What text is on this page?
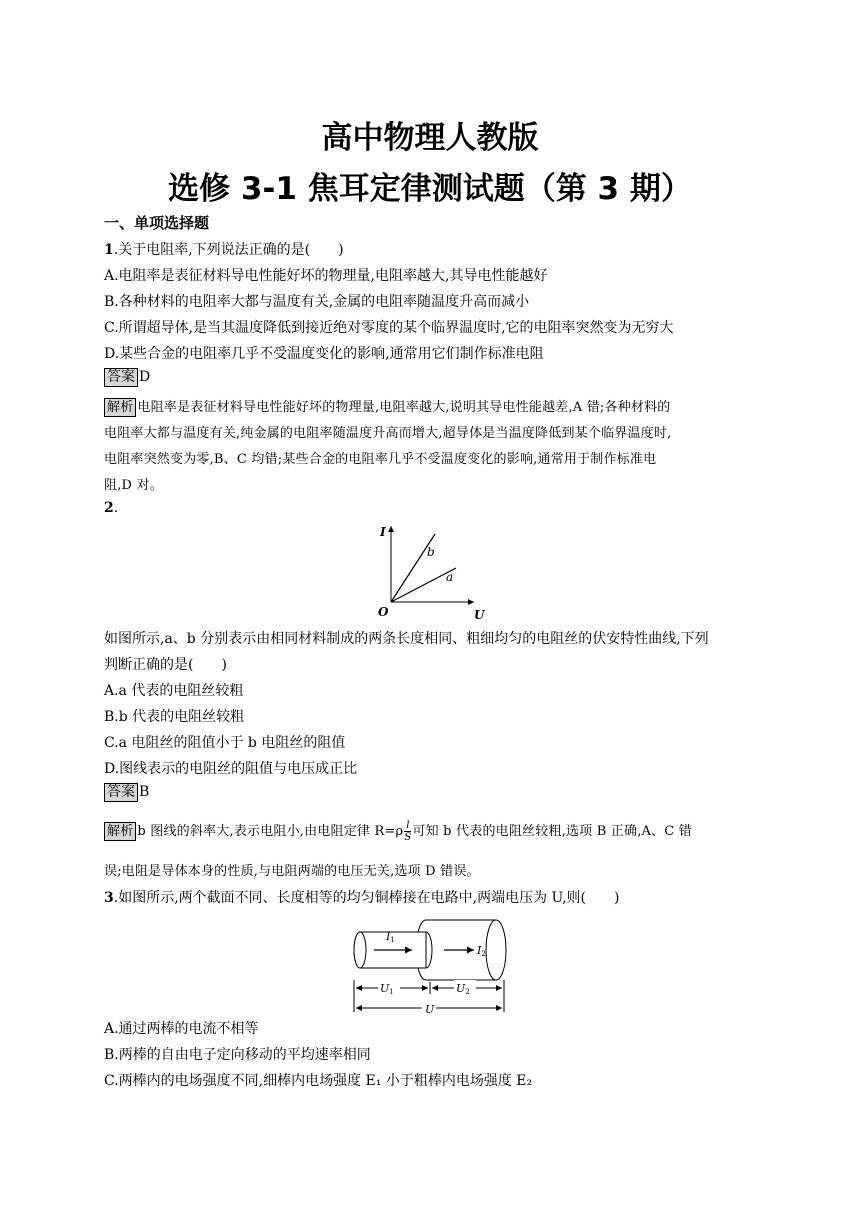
高中物理人教版
选修 3-1 焦耳定律测试题（第 3 期）
一、单项选择题
1.关于电阻率,下列说法正确的是(　　)
A.电阻率是表征材料导电性能好坏的物理量,电阻率越大,其导电性能越好
B.各种材料的电阻率大都与温度有关,金属的电阻率随温度升高而减小
C.所谓超导体,是当其温度降低到接近绝对零度的某个临界温度时,它的电阻率突然变为无穷大
D.某些合金的电阻率几乎不受温度变化的影响,通常用它们制作标准电阻
答案 D
解析 电阻率是表征材料导电性能好坏的物理量,电阻率越大,说明其导电性能越差,A 错;各种材料的
电阻率大都与温度有关,纯金属的电阻率随温度升高而增大,超导体是当温度降低到某个临界温度时,
电阻率突然变为零,B、C 均错;某些合金的电阻率几乎不受温度变化的影响,通常用于制作标准电
阻,D 对。
2.
I
U
O
b
a
如图所示,a、b 分别表示由相同材料制成的两条长度相同、粗细均匀的电阻丝的伏安特性曲线,下列
判断正确的是(　　)
A.a 代表的电阻丝较粗
B.b 代表的电阻丝较粗
C.a 电阻丝的阻值小于 b 电阻丝的阻值
D.图线表示的电阻丝的阻值与电压成正比
答案 B
解析 b 图线的斜率大,表示电阻小,由电阻定律 $R=\rho \frac{l}{S}$ 可知 b 代表的电阻丝较粗,选项 B 正确,A、C 错
误;电阻是导体本身的性质,与电阻两端的电压无关,选项 D 错误。
3.如图所示,两个截面不同、长度相等的均匀铜棒接在电路中,两端电压为 U,则(　　)
I1
I2
U1	U2
U
A.通过两棒的电流不相等
B.两棒的自由电子定向移动的平均速率相同
C.两棒内的电场强度不同,细棒内电场强度 E₁ 小于粗棒内电场强度 E₂
